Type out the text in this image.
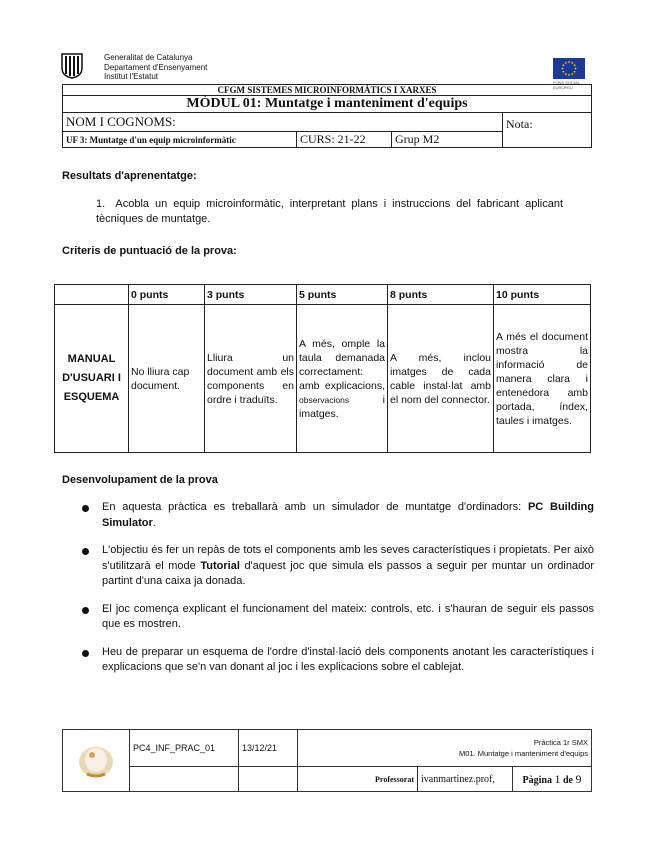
Generalitat de Catalunya
Departament d'Ensenyament
Institut l'Estatut
FONS SOCIAL EUROPEU
CFGM SISTEMES MICROINFORMÀTICS I XARXES			
MÒDUL 01: Muntatge i manteniment d'equips			
NOM I COGNOMS:			Nota:
UF 3: Muntatge d'un equip microinformàtic	CURS: 21-22	Grup M2	
Resultats d'aprenentatge:
1. Acobla un equip microinformàtic, interpretant plans i instruccions del fabricant aplicant tècniques de muntatge.
Criteris de puntuació de la prova:
	0 punts	3 punts	5 punts	8 punts	10 punts
MANUAL D'USUARI I ESQUEMA	No lliura cap document.	Lliura un document amb els components en ordre i traduïts.	A més, omple la taula demanada correctament: amb explicacions, observacions i imatges.	A més, inclou imatges de cada cable instal·lat amb el nom del connector.	A més el document mostra la informació de manera clara i entenedora amb portada, índex, taules i imatges.
Desenvolupament de la prova
En aquesta pràctica es treballarà amb un simulador de muntatge d'ordinadors: PC Building Simulator.
L'objectiu és fer un repàs de tots el components amb les seves característiques i propietats. Per això s'utilitzarà el mode Tutorial d'aquest joc que simula els passos a seguir per muntar un ordinador partint d'una caixa ja donada.
El joc comença explicant el funcionament del mateix: controls, etc. i s'hauran de seguir els passos que es mostren.
Heu de preparar un esquema de l'ordre d'instal·lació dels components anotant les característiques i explicacions que se'n van donant al joc i les explicacions sobre el cablejat.
	PC4_INF_PRAC_01	13/12/21	Pràctica 1r SMX
M01. Muntatge i manteniment d'equips		

			Professorat	ivanmartinez.prof,	Pàgina 1 de 9
